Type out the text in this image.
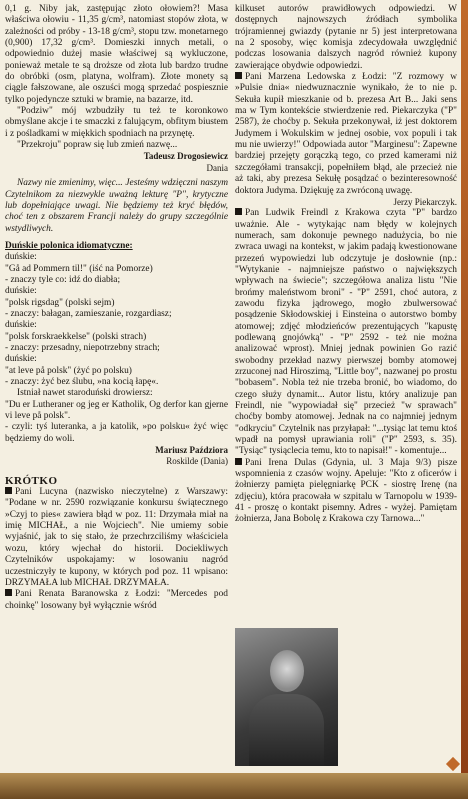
0,1 g. Niby jak, zastępując złoto ołowiem?! Masa właściwa ołowiu - 11,35 g/cm³, natomiast stopów złota, w zależności od próby - 13-18 g/cm³, stopu tzw. monetarnego (0,900) 17,32 g/cm³. Domieszki innych metali, o odpowiednio dużej masie właściwej są wykluczone, ponieważ metale te są droższe od złota lub bardzo trudne do obróbki (osm, platyna, wolfram). Złote monety są ciągle fałszowane, ale oszuści mogą sprzedać pospiesznie tylko pojedyncze sztuki w bramie, na bazarze, itd.

"Podziw" mój wzbudziły tu też te koronkowo obmyślane akcje i te smaczki z falującym, obfitym biustem i z pośladkami w miękkich spodniach na przynętę.

"Przekroju" popraw się lub zmień nazwę...

Tadeusz Drogosiewicz

Dania

Nazwy nie zmienimy, więc... Jesteśmy wdzięczni naszym Czytelnikom za niezwykle uważną lekturę "P", krytyczne lub dopełniające uwagi. Nie będziemy też kryć błędów, choć ten z obszarem Francji należy do grupy szczególnie wstydliwych.

Duńskie polonica idiomatyczne:

duńskie:

"Gå ad Pommern til!" (iść na Pomorze)

- znaczy tyle co: idź do diabła;

duńskie:

"polsk rigsdag" (polski sejm)

- znaczy: bałagan, zamieszanie, rozgardiasz;

duńskie:

"polsk forskraekkelse" (polski strach)

- znaczy: przesadny, niepotrzebny strach;

duńskie:

"at leve på polsk" (żyć po polsku)

- znaczy: żyć bez ślubu, »na kocią łapę«.

Istniał nawet staroduński drowiersz:

"Du er Lutheraner og jeg er Katholik, Og derfor kan gjerne vi leve på polsk".

- czyli: tyś luteranka, a ja katolik, »po polsku« żyć więc będziemy do woli.

Mariusz Paździora

Roskilde (Dania)

KRÓTKO

Pani Lucyna (nazwisko nieczytelne) z Warszawy: "Podane w nr. 2590 rozwiązanie konkursu świątecznego »Czyj to pies« zawiera błąd w poz. 11: Drzymała miał na imię MICHAŁ, a nie Wojciech". Nie umiemy sobie wyjaśnić, jak to się stało, że przechrzciliśmy właściciela wozu, który wjechał do historii. Dociekliwych Czytelników uspokajamy: w losowaniu nagród uczestniczyły te kupony, w których pod poz. 11 wpisano: DRZYMAŁA lub MICHAŁ DRZYMAŁA.

Pani Renata Baranowska z Łodzi: "Mercedes pod choinkę" losowany był wyłącznie wśród

kilkuset autorów prawidłowych odpowiedzi. W dostępnych najnowszych źródłach symbolika trójramiennej gwiazdy (pytanie nr 5) jest interpretowana na 2 sposoby, więc komisja zdecydowała uwzględnić podczas losowania dalszych nagród również kupony zawierające obydwie odpowiedzi.

Pani Marzena Ledowska z Łodzi: "Z rozmowy w »Pulsie dnia« niedwuznacznie wynikało, że to nie p. Sekuła kupił mieszkanie od b. prezesa Art B... Jaki sens ma w Tym kontekście stwierdzenie red. Piekarczyka ("P" 2587), że choćby p. Sekuła przekonywał, iż jest doktorem Judymem i Wokulskim w jednej osobie, vox populi i tak mu nie uwierzy!" Odpowiada autor "Marginesu": Zapewne bardziej przejęty gorączką tego, co przed kamerami niż szczegółami transakcji, popełniłem błąd, ale przecież nie aż taki, aby prezesa Sekułę posądzać o bezinteresowność doktora Judyma. Dziękuję za zwróconą uwagę.

Jerzy Piekarczyk.

Pan Ludwik Freindl z Krakowa czyta "P" bardzo uważnie. Ale - wytykając nam błędy w kolejnych numerach, sam dokonuje pewnego nadużycia, bo nie zwraca uwagi na kontekst, w jakim padają kwestionowane przezeń wypowiedzi lub odczytuje je dosłownie (np.: "Wytykanie - najmniejsze państwo o największych wpływach na świecie"; szczegółowa analiza listu "Nie brońmy maleństwom broni" - "P" 2591, choć autora, z zawodu fizyka jądrowego, mogło zbulwersować posądzenie Skłodowskiej i Einsteina o autorstwo bomby atomowej; zdjęć młodzieńców prezentujących "kapustę podlewaną gnojówką" - "P" 2592 - też nie można analizować wprost). Mniej jednak powinien Go razić swobodny przekład nazwy pierwszej bomby atomowej zrzuconej nad Hiroszimą, "Little boy", nazwanej po prostu "bobasem". Nobla też nie trzeba bronić, bo wiadomo, do czego służy dynamit... Autor listu, który analizuje pan Freindl, nie "wypowiadał się" przecież "w sprawach" choćby bomby atomowej. Jednak na co najmniej jednym "odkryciu" Czytelnik nas przyłapał: "...tysiąc lat temu ktoś wpadł na pomysł uprawiania roli" ("P" 2593, s. 35). "Tysiąc" tysiąclecia temu, kto to napisał!" - komentuje...

Pani Irena Dulas (Gdynia, ul. 3 Maja 9/3) pisze wspomnienia z czasów wojny. Apeluje: "Kto z oficerów i żołnierzy pamięta pielęgniarkę PCK - siostrę Irenę (na zdjęciu), która pracowała w szpitalu w Tarnopolu w 1939-41 - proszę o kontakt pisemny. Adres - wyżej. Pamiętam żołnierza, Jana Bobolę z Krakowa czy Tarnowa..."
